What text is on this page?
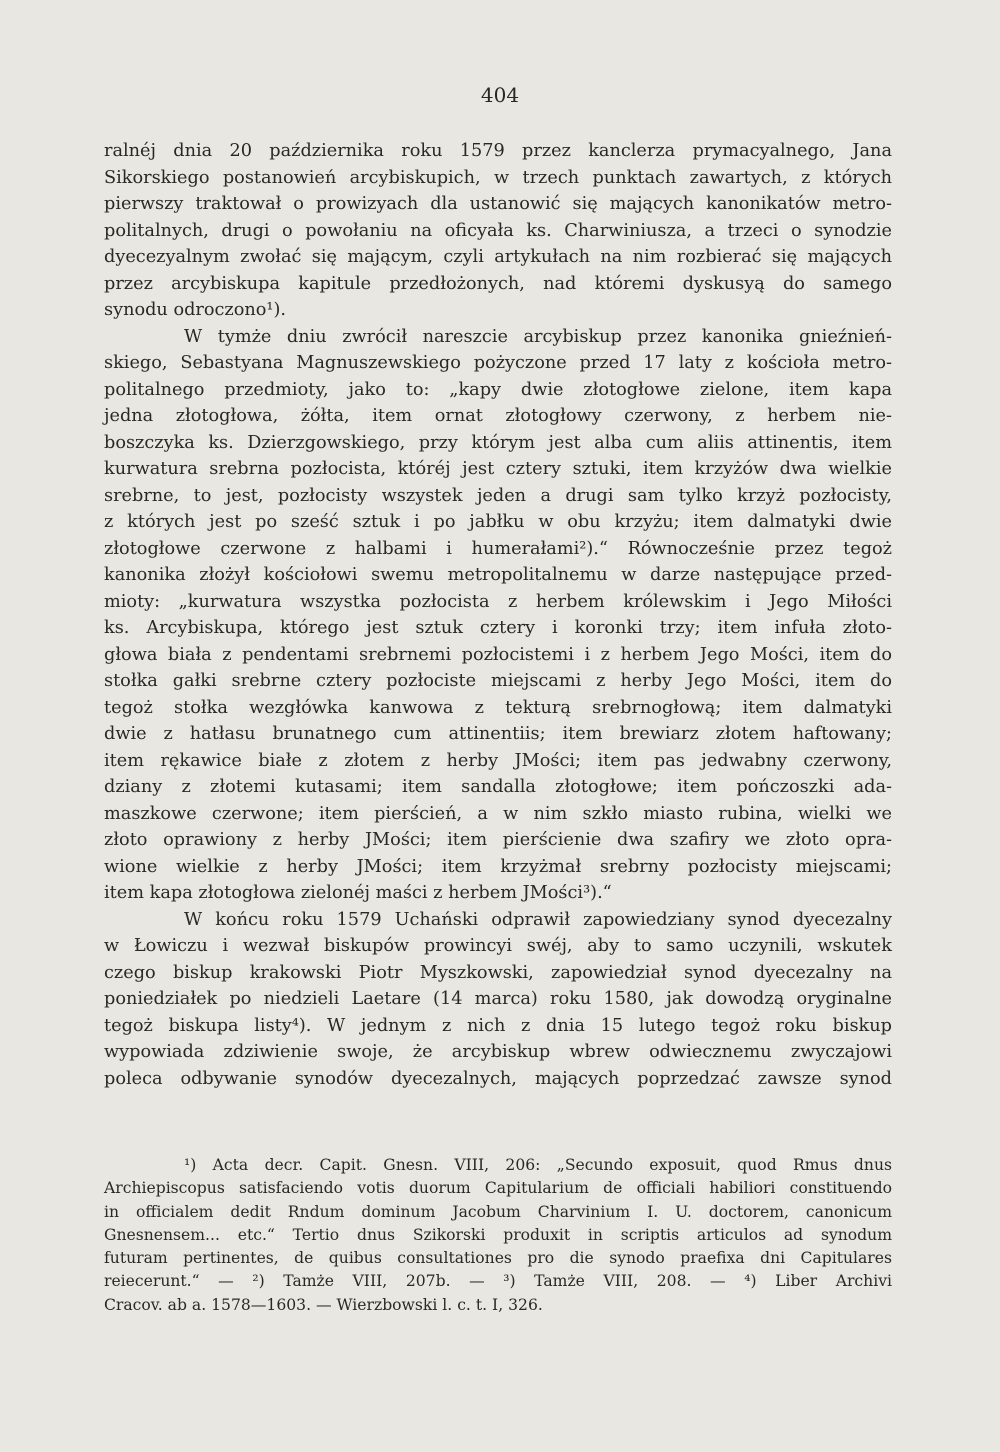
404
ralnéj dnia 20 października roku 1579 przez kanclerza prymacyalnego, Jana
Sikorskiego postanowień arcybiskupich, w trzech punktach zawartych, z których
pierwszy traktował o prowizyach dla ustanowić się mających kanonikatów metro-
politalnych, drugi o powołaniu na oficyała ks. Charwiniusza, a trzeci o synodzie
dyecezyalnym zwołać się mającym, czyli artykułach na nim rozbierać się mających
przez arcybiskupa kapitule przedłożonych, nad któremi dyskusyą do samego
synodu odroczono¹).
W tymże dniu zwrócił nareszcie arcybiskup przez kanonika gnieźnień-
skiego, Sebastyana Magnuszewskiego pożyczone przed 17 laty z kościoła metro-
politalnego przedmioty, jako to: „kapy dwie złotogłowe zielone, item kapa
jedna złotogłowa, żółta, item ornat złotogłowy czerwony, z herbem nie-
boszczyka ks. Dzierzgowskiego, przy którym jest alba cum aliis attinentis, item
kurwatura srebrna pozłocista, któréj jest cztery sztuki, item krzyżów dwa wielkie
srebrne, to jest, pozłocisty wszystek jeden a drugi sam tylko krzyż pozłocisty,
z których jest po sześć sztuk i po jabłku w obu krzyżu; item dalmatyki dwie
złotogłowe czerwone z halbami i humerałami²).“ Równocześnie przez tegoż
kanonika złożył kościołowi swemu metropolitalnemu w darze następujące przed-
mioty: „kurwatura wszystka pozłocista z herbem królewskim i Jego Miłości
ks. Arcybiskupa, którego jest sztuk cztery i koronki trzy; item infuła złoto-
głowa biała z pendentami srebrnemi pozłocistemi i z herbem Jego Mości, item do
stołka gałki srebrne cztery pozłociste miejscami z herby Jego Mości, item do
tegoż stołka wezgłówka kanwowa z tekturą srebrnogłową; item dalmatyki
dwie z hatłasu brunatnego cum attinentiis; item brewiarz złotem haftowany;
item rękawice białe z złotem z herby JMości; item pas jedwabny czerwony,
dziany z złotemi kutasami; item sandalla złotogłowe; item pończoszki ada-
maszkowe czerwone; item pierścień, a w nim szkło miasto rubina, wielki we
złoto oprawiony z herby JMości; item pierścienie dwa szafiry we złoto opra-
wione wielkie z herby JMości; item krzyżmał srebrny pozłocisty miejscami;
item kapa złotogłowa zielonéj maści z herbem JMości³).“
W końcu roku 1579 Uchański odprawił zapowiedziany synod dyecezalny
w Łowiczu i wezwał biskupów prowincyi swéj, aby to samo uczynili, wskutek
czego biskup krakowski Piotr Myszkowski, zapowiedział synod dyecezalny na
poniedziałek po niedzieli Laetare (14 marca) roku 1580, jak dowodzą oryginalne
tegoż biskupa listy⁴). W jednym z nich z dnia 15 lutego tegoż roku biskup
wypowiada zdziwienie swoje, że arcybiskup wbrew odwiecznemu zwyczajowi
poleca odbywanie synodów dyecezalnych, mających poprzedzać zawsze synod
¹) Acta decr. Capit. Gnesn. VIII, 206: „Secundo exposuit, quod Rmus dnus
Archiepiscopus satisfaciendo votis duorum Capitularium de officiali habiliori constituendo
in officialem dedit Rndum dominum Jacobum Charvinium I. U. doctorem, canonicum
Gnesnensem... etc.“ Tertio dnus Szikorski produxit in scriptis articulos ad synodum
futuram pertinentes, de quibus consultationes pro die synodo praefixa dni Capitulares
reiecerunt.“ — ²) Tamże VIII, 207b. — ³) Tamże VIII, 208. — ⁴) Liber Archivi
Cracov. ab a. 1578—1603. — Wierzbowski l. c. t. I, 326.
